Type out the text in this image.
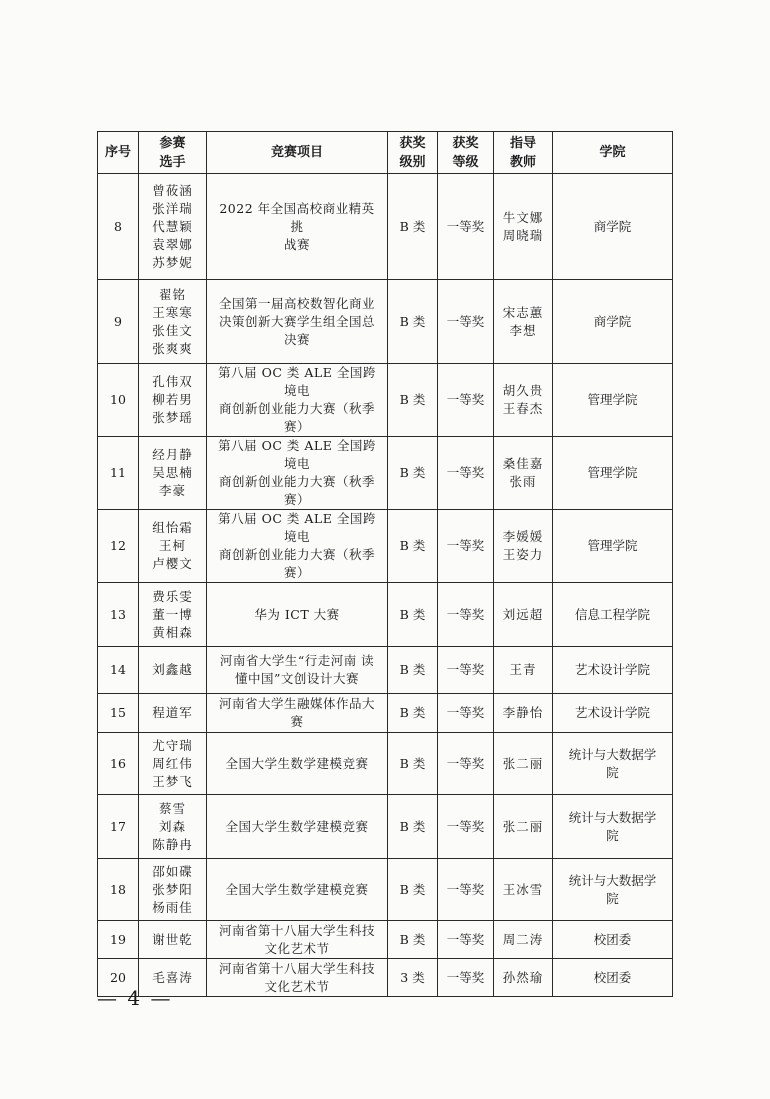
序号	参赛
选手	竞赛项目	获奖
级别	获奖
等级	指导
教师	学院
8	曾莜涵
张洋瑞
代慧颖
袁翠娜
苏梦妮	2022 年全国高校商业精英挑
战赛	B 类	一等奖	牛文娜
周晓瑞	商学院

9	翟铭
王寒寒
张佳文
张爽爽	全国第一届高校数智化商业
决策创新大赛学生组全国总
决赛	B 类	一等奖	宋志蕙
李想	商学院

10	孔伟双
柳若男
张梦瑶	第八届 OC 类 ALE 全国跨境电
商创新创业能力大赛（秋季
赛）	B 类	一等奖	胡久贵
王春杰	管理学院

11	经月静
吴思楠
李豪	第八届 OC 类 ALE 全国跨境电
商创新创业能力大赛（秋季
赛）	B 类	一等奖	桑佳嘉
张雨	管理学院

12	组怡霜
王柯
卢樱文	第八届 OC 类 ALE 全国跨境电
商创新创业能力大赛（秋季
赛）	B 类	一等奖	李媛媛
王姿力	管理学院

13	费乐雯
董一博
黄相森	华为 ICT 大赛	B 类	一等奖	刘远超	信息工程学院

14	刘鑫越	河南省大学生“行走河南 读
懂中国”文创设计大赛	B 类	一等奖	王青	艺术设计学院

15	程道军	河南省大学生融媒体作品大
赛	B 类	一等奖	李静怡	艺术设计学院

16	尤守瑞
周红伟
王梦飞	全国大学生数学建模竞赛	B 类	一等奖	张二丽	统计与大数据学
院

17	蔡雪
刘森
陈静冉	全国大学生数学建模竞赛	B 类	一等奖	张二丽	统计与大数据学
院

18	邵如碟
张梦阳
杨雨佳	全国大学生数学建模竞赛	B 类	一等奖	王冰雪	统计与大数据学
院

19	谢世乾	河南省第十八届大学生科技
文化艺术节	B 类	一等奖	周二涛	校团委

20	毛喜涛	河南省第十八届大学生科技
文化艺术节	3 类	一等奖	孙然瑜	校团委
— 4 —
